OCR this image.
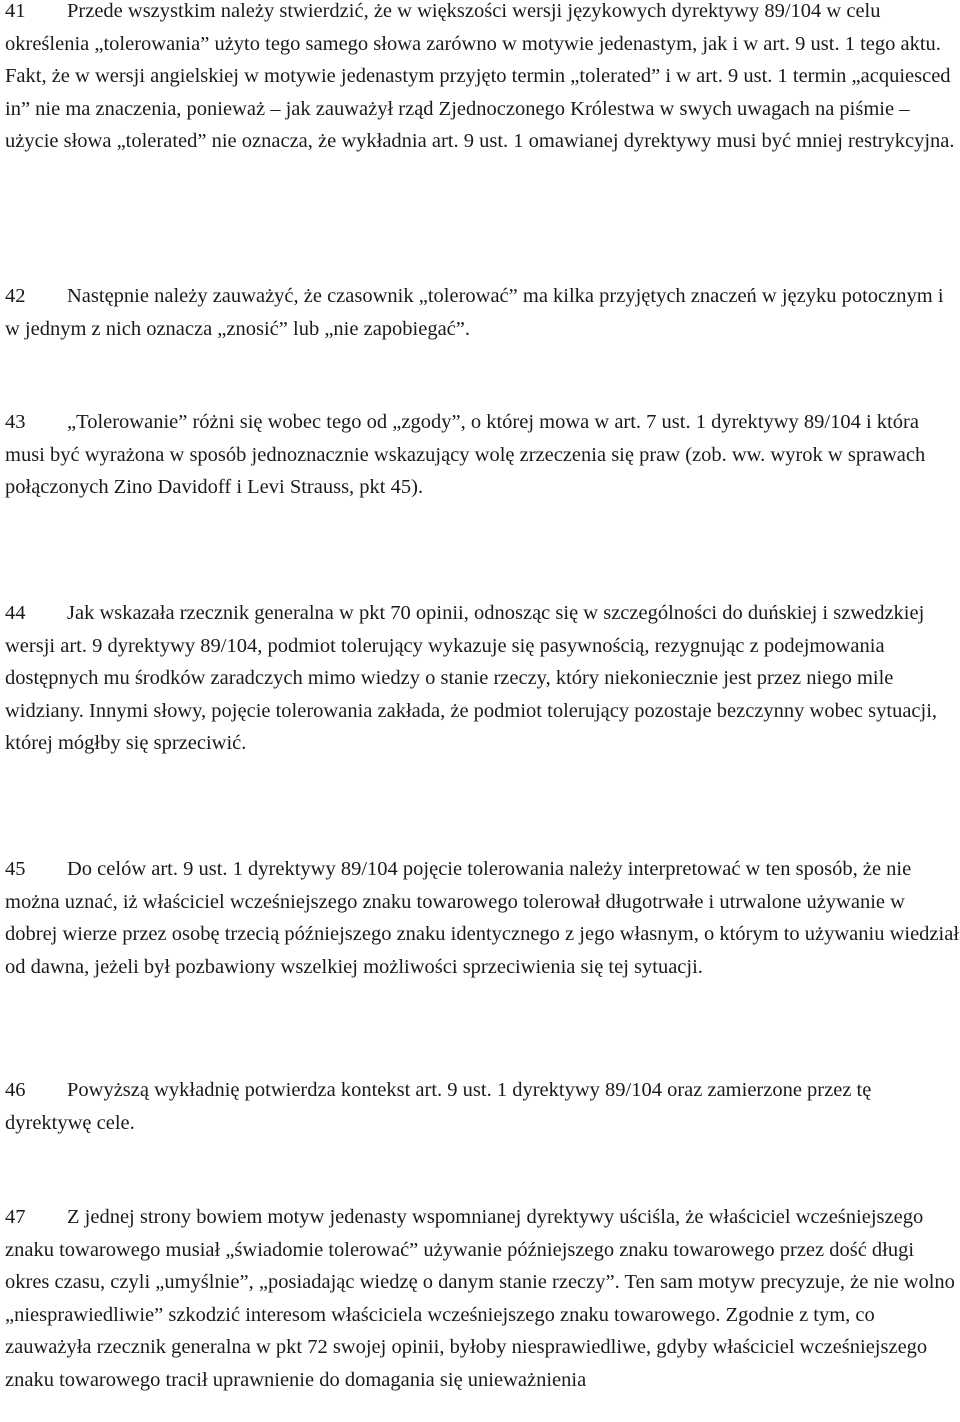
41 Przede wszystkim należy stwierdzić, że w większości wersji językowych dyrektywy 89/104 w celu określenia „tolerowania” użyto tego samego słowa zarówno w motywie jedenastym, jak i w art. 9 ust. 1 tego aktu. Fakt, że w wersji angielskiej w motywie jedenastym przyjęto termin „tolerated” i w art. 9 ust. 1 termin „acquiesced in” nie ma znaczenia, ponieważ – jak zauważył rząd Zjednoczonego Królestwa w swych uwagach na piśmie – użycie słowa „tolerated” nie oznacza, że wykładnia art. 9 ust. 1 omawianej dyrektywy musi być mniej restrykcyjna.

42 Następnie należy zauważyć, że czasownik „tolerować” ma kilka przyjętych znaczeń w języku potocznym i w jednym z nich oznacza „znosić” lub „nie zapobiegać”.

43 „Tolerowanie” różni się wobec tego od „zgody”, o której mowa w art. 7 ust. 1 dyrektywy 89/104 i która musi być wyrażona w sposób jednoznacznie wskazujący wolę zrzeczenia się praw (zob. ww. wyrok w sprawach połączonych Zino Davidoff i Levi Strauss, pkt 45).

44 Jak wskazała rzecznik generalna w pkt 70 opinii, odnosząc się w szczególności do duńskiej i szwedzkiej wersji art. 9 dyrektywy 89/104, podmiot tolerujący wykazuje się pasywnością, rezygnując z podejmowania dostępnych mu środków zaradczych mimo wiedzy o stanie rzeczy, który niekoniecznie jest przez niego mile widziany. Innymi słowy, pojęcie tolerowania zakłada, że podmiot tolerujący pozostaje bezczynny wobec sytuacji, której mógłby się sprzeciwić.

45 Do celów art. 9 ust. 1 dyrektywy 89/104 pojęcie tolerowania należy interpretować w ten sposób, że nie można uznać, iż właściciel wcześniejszego znaku towarowego tolerował długotrwałe i utrwalone używanie w dobrej wierze przez osobę trzecią późniejszego znaku identycznego z jego własnym, o którym to używaniu wiedział od dawna, jeżeli był pozbawiony wszelkiej możliwości sprzeciwienia się tej sytuacji.

46 Powyższą wykładnię potwierdza kontekst art. 9 ust. 1 dyrektywy 89/104 oraz zamierzone przez tę dyrektywę cele.

47 Z jednej strony bowiem motyw jedenasty wspomnianej dyrektywy uściśla, że właściciel wcześniejszego znaku towarowego musiał „świadomie tolerować” używanie późniejszego znaku towarowego przez dość długi okres czasu, czyli „umyślnie”, „posiadając wiedzę o danym stanie rzeczy”. Ten sam motyw precyzuje, że nie wolno „niesprawiedliwie” szkodzić interesom właściciela wcześniejszego znaku towarowego. Zgodnie z tym, co zauważyła rzecznik generalna w pkt 72 swojej opinii, byłoby niesprawiedliwe, gdyby właściciel wcześniejszego znaku towarowego tracił uprawnienie do domagania się unieważnienia
